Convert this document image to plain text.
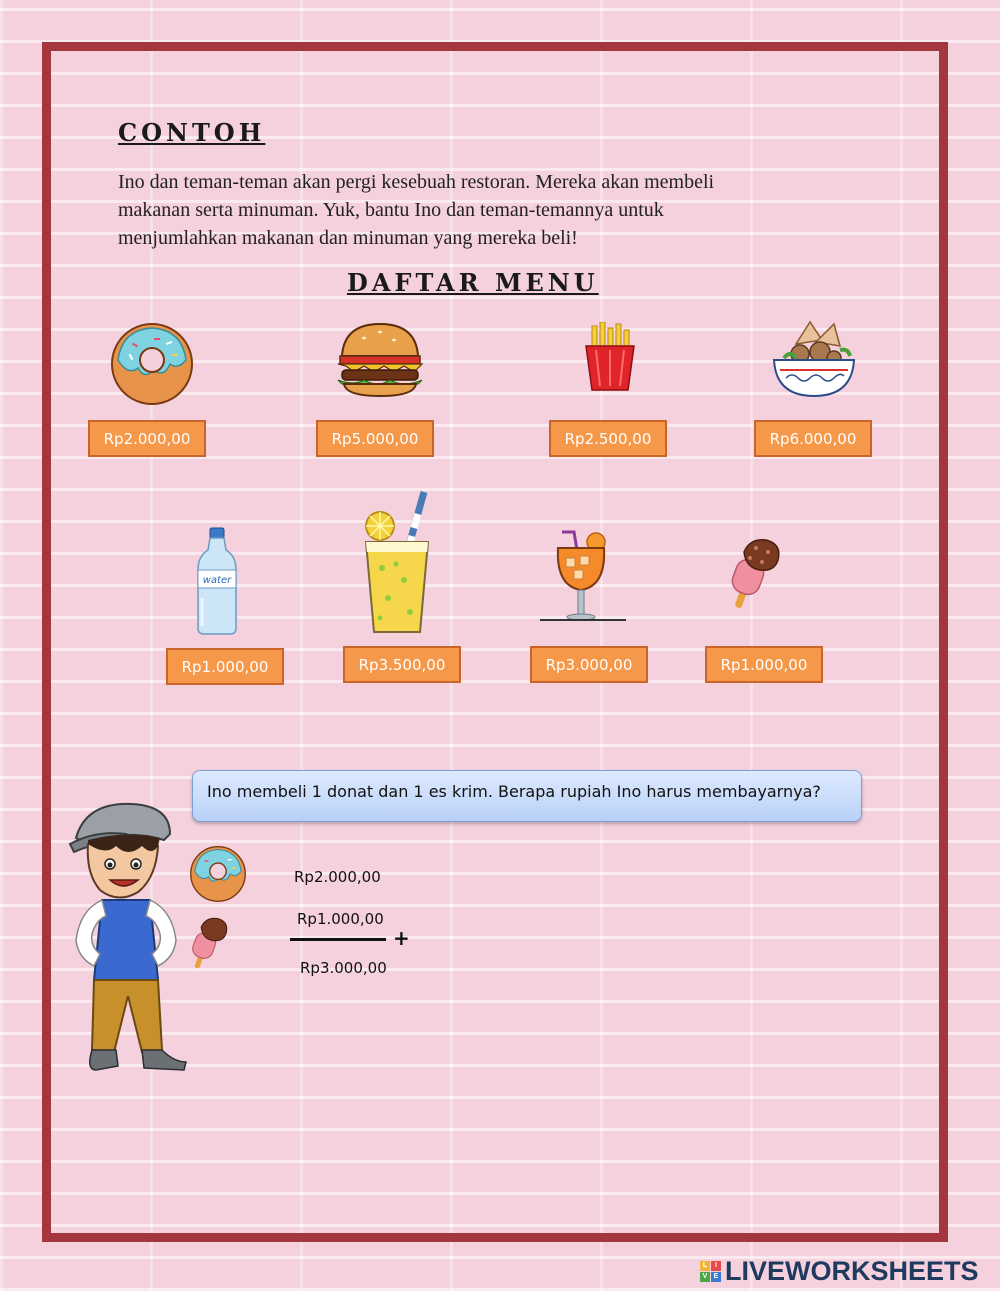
CONTOH
Ino dan teman-teman akan pergi kesebuah restoran. Mereka akan membeli
makanan serta minuman. Yuk, bantu Ino dan teman-temannya untuk
menjumlahkan makanan dan minuman yang mereka beli!
DAFTAR MENU
Rp2.000,00	Rp5.000,00	Rp2.500,00	Rp6.000,00
water
Rp1.000,00	Rp3.500,00	Rp3.000,00	Rp1.000,00
Ino membeli 1 donat dan 1 es krim. Berapa rupiah Ino harus membayarnya?
Rp2.000,00
Rp1.000,00
+
Rp3.000,00
L	I
V E LIVEWORKSHEETS
